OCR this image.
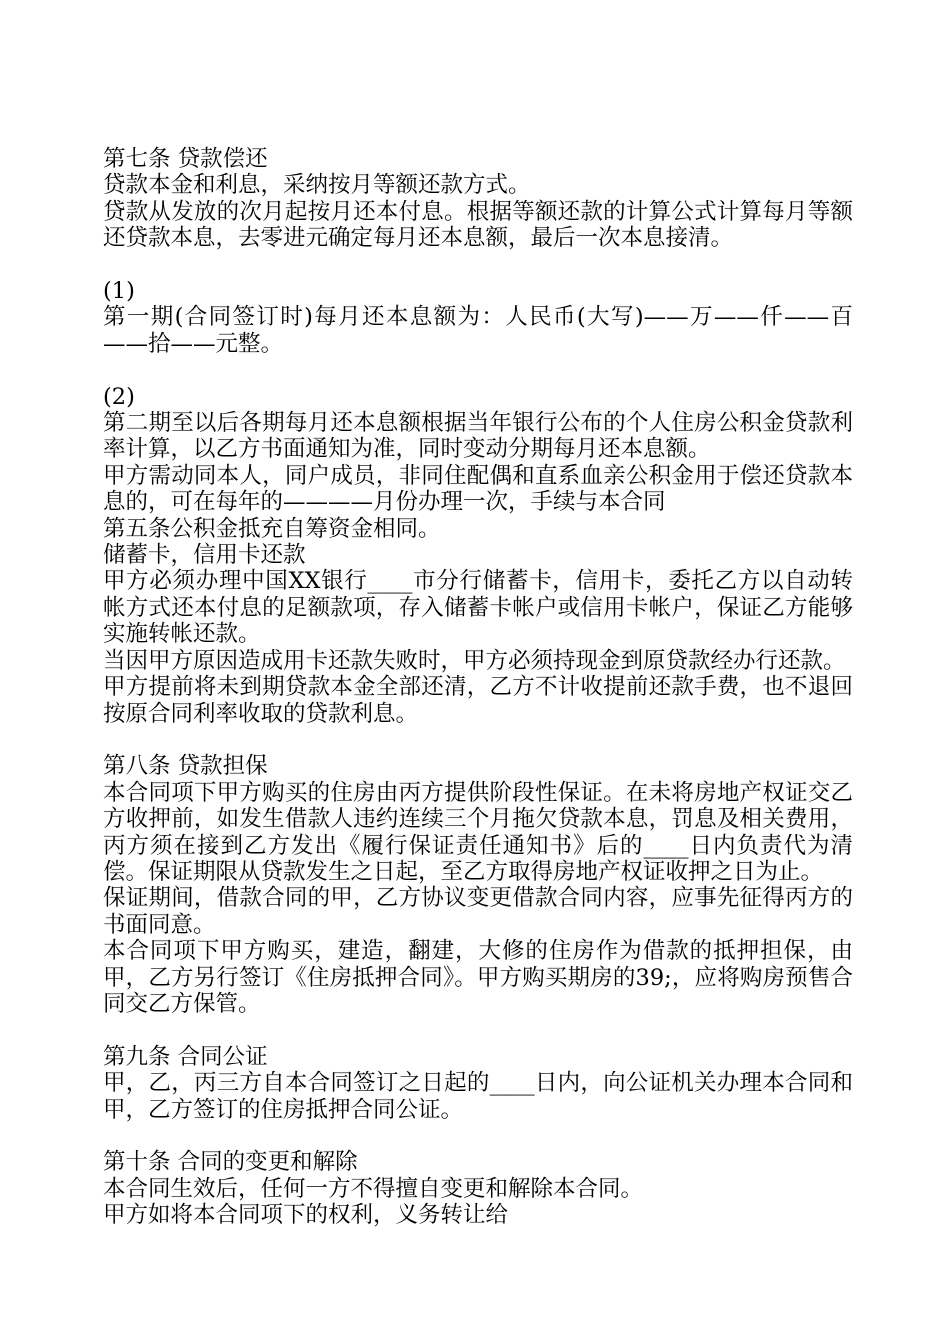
第七条 贷款偿还

贷款本金和利息，采纳按月等额还款方式。

贷款从发放的次月起按月还本付息。根据等额还款的计算公式计算每月等额还贷款本息，去零进元确定每月还本息额，最后一次本息接清。

(1)

第一期(合同签订时)每月还本息额为：人民币(大写)——万——仟——百——拾——元整。

(2)

第二期至以后各期每月还本息额根据当年银行公布的个人住房公积金贷款利率计算，以乙方书面通知为准，同时变动分期每月还本息额。

甲方需动同本人，同户成员，非同住配偶和直系血亲公积金用于偿还贷款本息的，可在每年的————月份办理一次，手续与本合同

第五条公积金抵充自筹资金相同。

储蓄卡，信用卡还款

甲方必须办理中国XX银行____市分行储蓄卡，信用卡，委托乙方以自动转帐方式还本付息的足额款项，存入储蓄卡帐户或信用卡帐户，保证乙方能够实施转帐还款。

当因甲方原因造成用卡还款失败时，甲方必须持现金到原贷款经办行还款。

甲方提前将未到期贷款本金全部还清，乙方不计收提前还款手费，也不退回按原合同利率收取的贷款利息。

第八条 贷款担保

本合同项下甲方购买的住房由丙方提供阶段性保证。在未将房地产权证交乙方收押前，如发生借款人违约连续三个月拖欠贷款本息，罚息及相关费用，丙方须在接到乙方发出《履行保证责任通知书》后的____日内负责代为清偿。保证期限从贷款发生之日起，至乙方取得房地产权证收押之日为止。

保证期间，借款合同的甲，乙方协议变更借款合同内容，应事先征得丙方的书面同意。

本合同项下甲方购买，建造，翻建，大修的住房作为借款的抵押担保，由甲，乙方另行签订《住房抵押合同》。甲方购买期房的39;，应将购房预售合同交乙方保管。

第九条 合同公证

甲，乙，丙三方自本合同签订之日起的____日内，向公证机关办理本合同和甲，乙方签订的住房抵押合同公证。

第十条 合同的变更和解除

本合同生效后，任何一方不得擅自变更和解除本合同。

甲方如将本合同项下的权利，义务转让给
